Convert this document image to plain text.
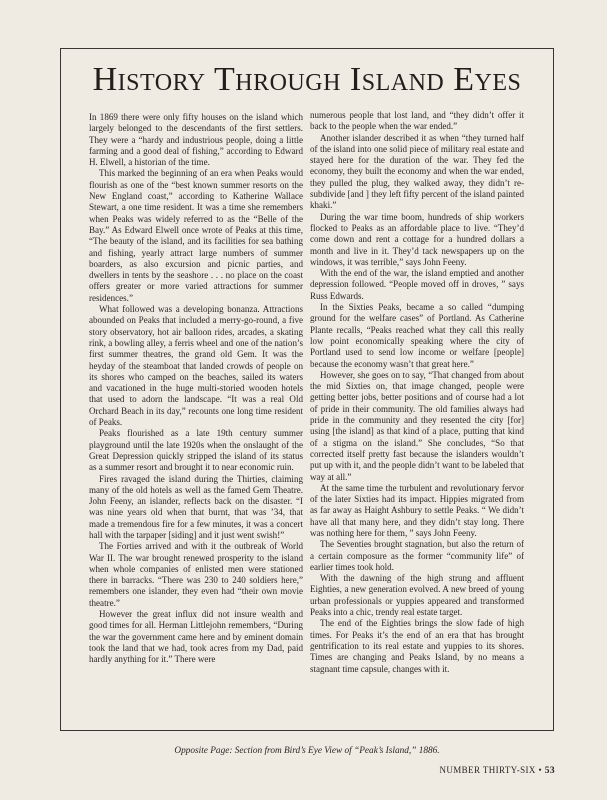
History Through Island Eyes

In 1869 there were only fifty houses on the island which largely belonged to the descendants of the first settlers. They were a “hardy and industrious people, doing a little farming and a good deal of fishing,” according to Edward H. Elwell, a historian of the time.

This marked the beginning of an era when Peaks would flourish as one of the “best known summer resorts on the New England coast,” according to Katherine Wallace Stewart, a one time resident. It was a time she remembers when Peaks was widely referred to as the “Belle of the Bay.” As Edward Elwell once wrote of Peaks at this time, “The beauty of the island, and its facilities for sea bathing and fishing, yearly attract large numbers of summer boarders, as also excursion and picnic parties, and dwellers in tents by the seashore . . . no place on the coast offers greater or more varied attractions for summer residences.”

What followed was a developing bonanza. Attractions abounded on Peaks that included a merry-go-round, a five story observatory, hot air balloon rides, arcades, a skating rink, a bowling alley, a ferris wheel and one of the nation’s first summer theatres, the grand old Gem. It was the heyday of the steamboat that landed crowds of people on its shores who camped on the beaches, sailed its waters and vacationed in the huge multi-storied wooden hotels that used to adorn the landscape. “It was a real Old Orchard Beach in its day,” recounts one long time resident of Peaks.

Peaks flourished as a late 19th century summer playground until the late 1920s when the onslaught of the Great Depression quickly stripped the island of its status as a summer resort and brought it to near economic ruin.

Fires ravaged the island during the Thirties, claiming many of the old hotels as well as the famed Gem Theatre. John Feeny, an islander, reflects back on the disaster. “I was nine years old when that burnt, that was ’34, that made a tremendous fire for a few minutes, it was a concert hall with the tarpaper [siding] and it just went swish!”

The Forties arrived and with it the outbreak of World War II. The war brought renewed prosperity to the island when whole companies of enlisted men were stationed there in barracks. “There was 230 to 240 soldiers here,” remembers one islander, they even had “their own movie theatre.”

However the great influx did not insure wealth and good times for all. Herman Littlejohn remembers, “During the war the government came here and by eminent domain took the land that we had, took acres from my Dad, paid hardly anything for it.” There were

numerous people that lost land, and “they didn’t offer it back to the people when the war ended.”

Another islander described it as when “they turned half of the island into one solid piece of military real estate and stayed here for the duration of the war. They fed the economy, they built the economy and when the war ended, they pulled the plug, they walked away, they didn’t re-subdivide [and ] they left fifty percent of the island painted khaki.”

During the war time boom, hundreds of ship workers flocked to Peaks as an affordable place to live. “They’d come down and rent a cottage for a hundred dollars a month and live in it. They’d tack newspapers up on the windows, it was terrible,” says John Feeny.

With the end of the war, the island emptied and another depression followed. “People moved off in droves, ” says Russ Edwards.

In the Sixties Peaks, became a so called “dumping ground for the welfare cases” of Portland. As Catherine Plante recalls, “Peaks reached what they call this really low point economically speaking where the city of Portland used to send low income or welfare [people] because the economy wasn’t that great here.”

However, she goes on to say, “That changed from about the mid Sixties on, that image changed, people were getting better jobs, better positions and of course had a lot of pride in their community. The old families always had pride in the community and they resented the city [for] using [the island] as that kind of a place, putting that kind of a stigma on the island.” She concludes, “So that corrected itself pretty fast because the islanders wouldn’t put up with it, and the people didn’t want to be labeled that way at all.”

At the same time the turbulent and revolutionary fervor of the later Sixties had its impact. Hippies migrated from as far away as Haight Ashbury to settle Peaks. “ We didn’t have all that many here, and they didn’t stay long. There was nothing here for them, ” says John Feeny.

The Seventies brought stagnation, but also the return of a certain composure as the former “community life” of earlier times took hold.

With the dawning of the high strung and affluent Eighties, a new generation evolved. A new breed of young urban professionals or yuppies appeared and transformed Peaks into a chic, trendy real estate target.

The end of the Eighties brings the slow fade of high times. For Peaks it’s the end of an era that has brought gentrification to its real estate and yuppies to its shores. Times are changing and Peaks Island, by no means a stagnant time capsule, changes with it.

Opposite Page: Section from Bird’s Eye View of “Peak’s Island,” 1886.

NUMBER THIRTY-SIX • 53
